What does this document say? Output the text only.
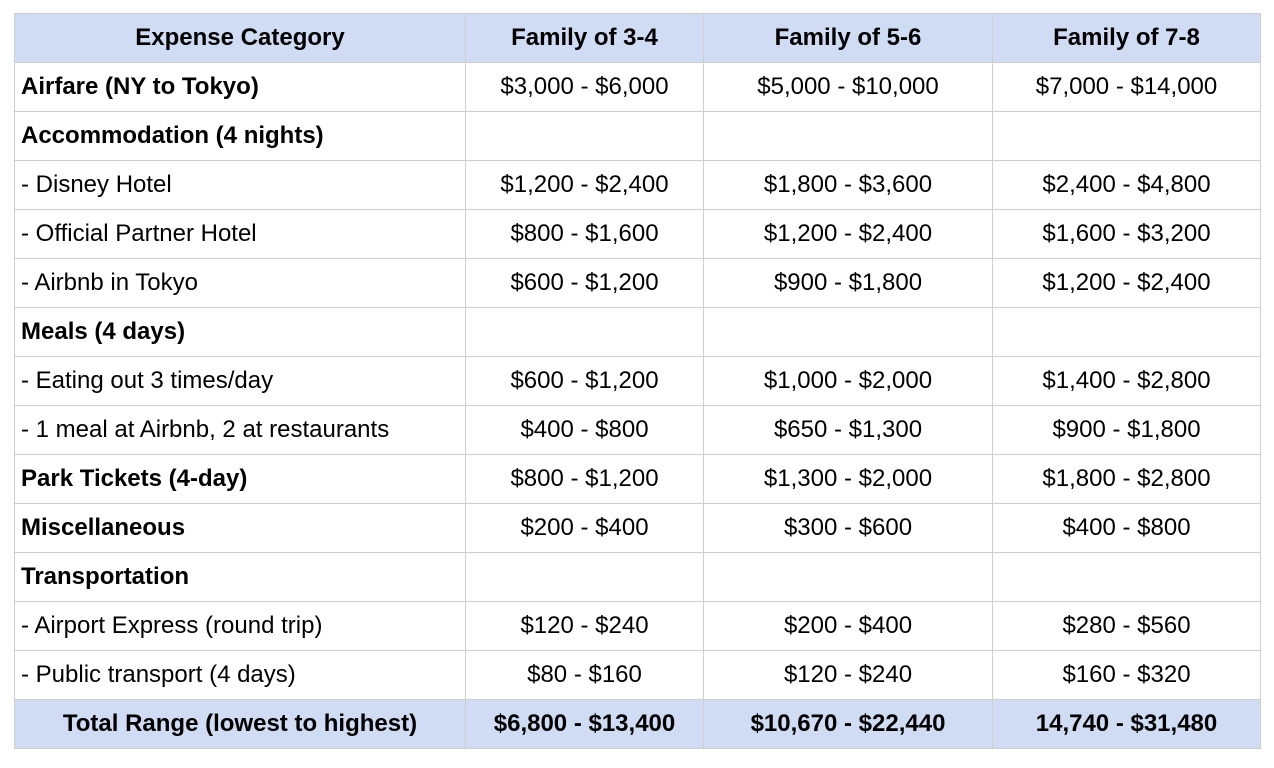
Expense Category	Family of 3-4	Family of 5-6	Family of 7-8
Airfare (NY to Tokyo)	$3,000 - $6,000	$5,000 - $10,000	$7,000 - $14,000
Accommodation (4 nights)			
- Disney Hotel	$1,200 - $2,400	$1,800 - $3,600	$2,400 - $4,800
- Official Partner Hotel	$800 - $1,600	$1,200 - $2,400	$1,600 - $3,200
- Airbnb in Tokyo	$600 - $1,200	$900 - $1,800	$1,200 - $2,400
Meals (4 days)			
- Eating out 3 times/day	$600 - $1,200	$1,000 - $2,000	$1,400 - $2,800
- 1 meal at Airbnb, 2 at restaurants	$400 - $800	$650 - $1,300	$900 - $1,800
Park Tickets (4-day)	$800 - $1,200	$1,300 - $2,000	$1,800 - $2,800
Miscellaneous	$200 - $400	$300 - $600	$400 - $800
Transportation			
- Airport Express (round trip)	$120 - $240	$200 - $400	$280 - $560
- Public transport (4 days)	$80 - $160	$120 - $240	$160 - $320
Total Range (lowest to highest)	$6,800 - $13,400	$10,670 - $22,440	14,740 - $31,480
